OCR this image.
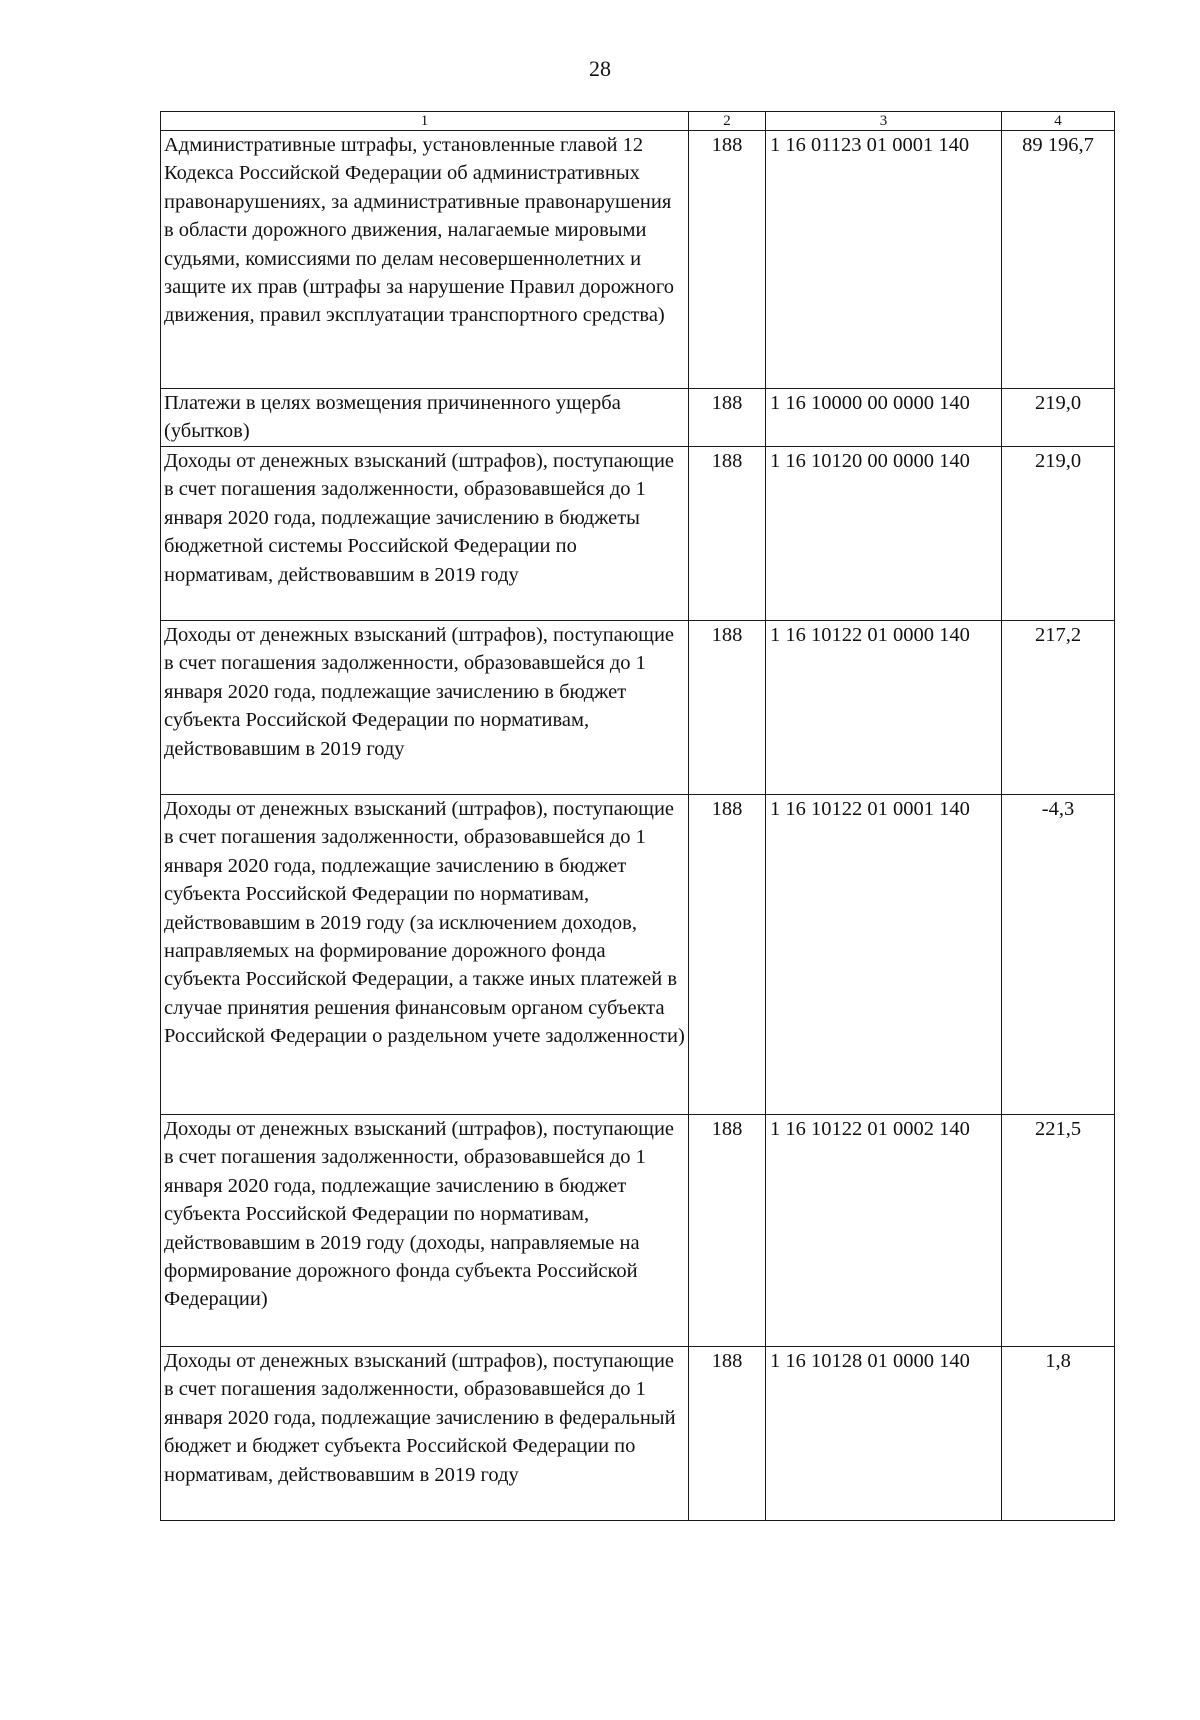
28
1	2	3	4
Административные штрафы, установленные главой 12 Кодекса Российской Федерации об административных правонарушениях, за административные правонарушения в области дорожного движения, налагаемые мировыми судьями, комиссиями по делам несовершеннолетних и защите их прав (штрафы за нарушение Правил дорожного движения, правил эксплуатации транспортного средства)	188	1 16 01123 01 0001 140	89 196,7
Платежи в целях возмещения причиненного ущерба (убытков)	188	1 16 10000 00 0000 140	219,0
Доходы от денежных взысканий (штрафов), поступающие в счет погашения задолженности, образовавшейся до 1 января 2020 года, подлежащие зачислению в бюджеты бюджетной системы Российской Федерации по нормативам, действовавшим в 2019 году	188	1 16 10120 00 0000 140	219,0
Доходы от денежных взысканий (штрафов), поступающие в счет погашения задолженности, образовавшейся до 1 января 2020 года, подлежащие зачислению в бюджет субъекта Российской Федерации по нормативам, действовавшим в 2019 году	188	1 16 10122 01 0000 140	217,2
Доходы от денежных взысканий (штрафов), поступающие в счет погашения задолженности, образовавшейся до 1 января 2020 года, подлежащие зачислению в бюджет субъекта Российской Федерации по нормативам, действовавшим в 2019 году (за исключением доходов, направляемых на формирование дорожного фонда субъекта Российской Федерации, а также иных платежей в случае принятия решения финансовым органом субъекта Российской Федерации о раздельном учете задолженности)	188	1 16 10122 01 0001 140	-4,3
Доходы от денежных взысканий (штрафов), поступающие в счет погашения задолженности, образовавшейся до 1 января 2020 года, подлежащие зачислению в бюджет субъекта Российской Федерации по нормативам, действовавшим в 2019 году (доходы, направляемые на формирование дорожного фонда субъекта Российской Федерации)	188	1 16 10122 01 0002 140	221,5
Доходы от денежных взысканий (штрафов), поступающие в счет погашения задолженности, образовавшейся до 1 января 2020 года, подлежащие зачислению в федеральный бюджет и бюджет субъекта Российской Федерации по нормативам, действовавшим в 2019 году	188	1 16 10128 01 0000 140	1,8
